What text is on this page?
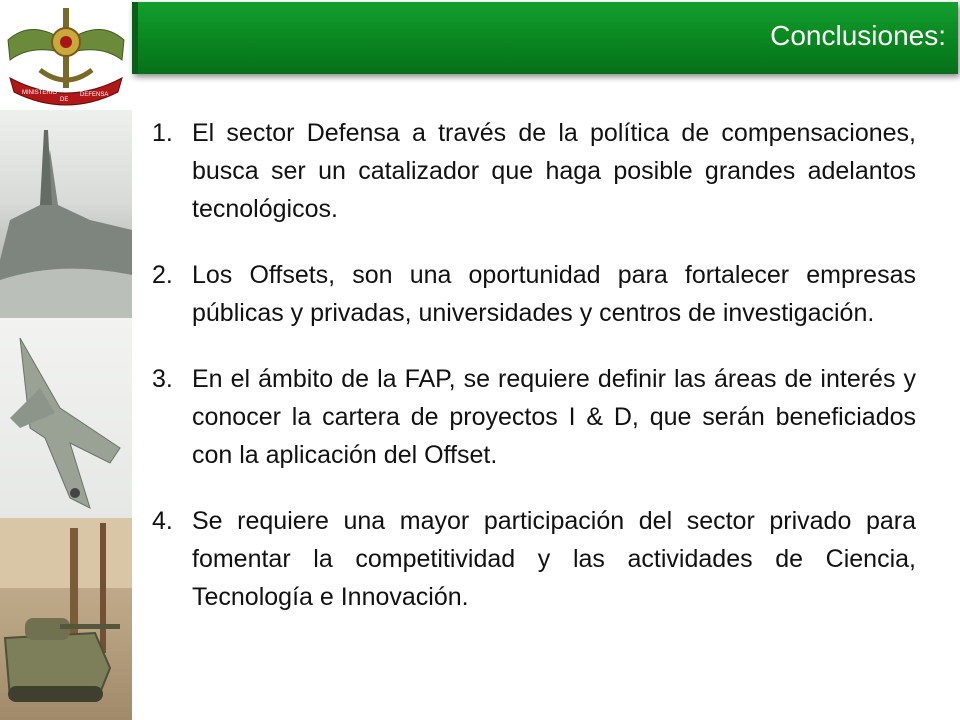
MINISTERIO
DE
DEFENSA
Conclusiones:
1. El sector Defensa a través de la política de compensaciones, busca ser un catalizador que haga posible grandes adelantos tecnológicos.
2. Los Offsets, son una oportunidad para fortalecer empresas públicas y privadas, universidades y centros de investigación.
3. En el ámbito de la FAP, se requiere definir las áreas de interés y conocer la cartera de proyectos I & D, que serán beneficiados con la aplicación del Offset.
4. Se requiere una mayor participación del sector privado para fomentar la competitividad y las actividades de Ciencia, Tecnología e Innovación.
